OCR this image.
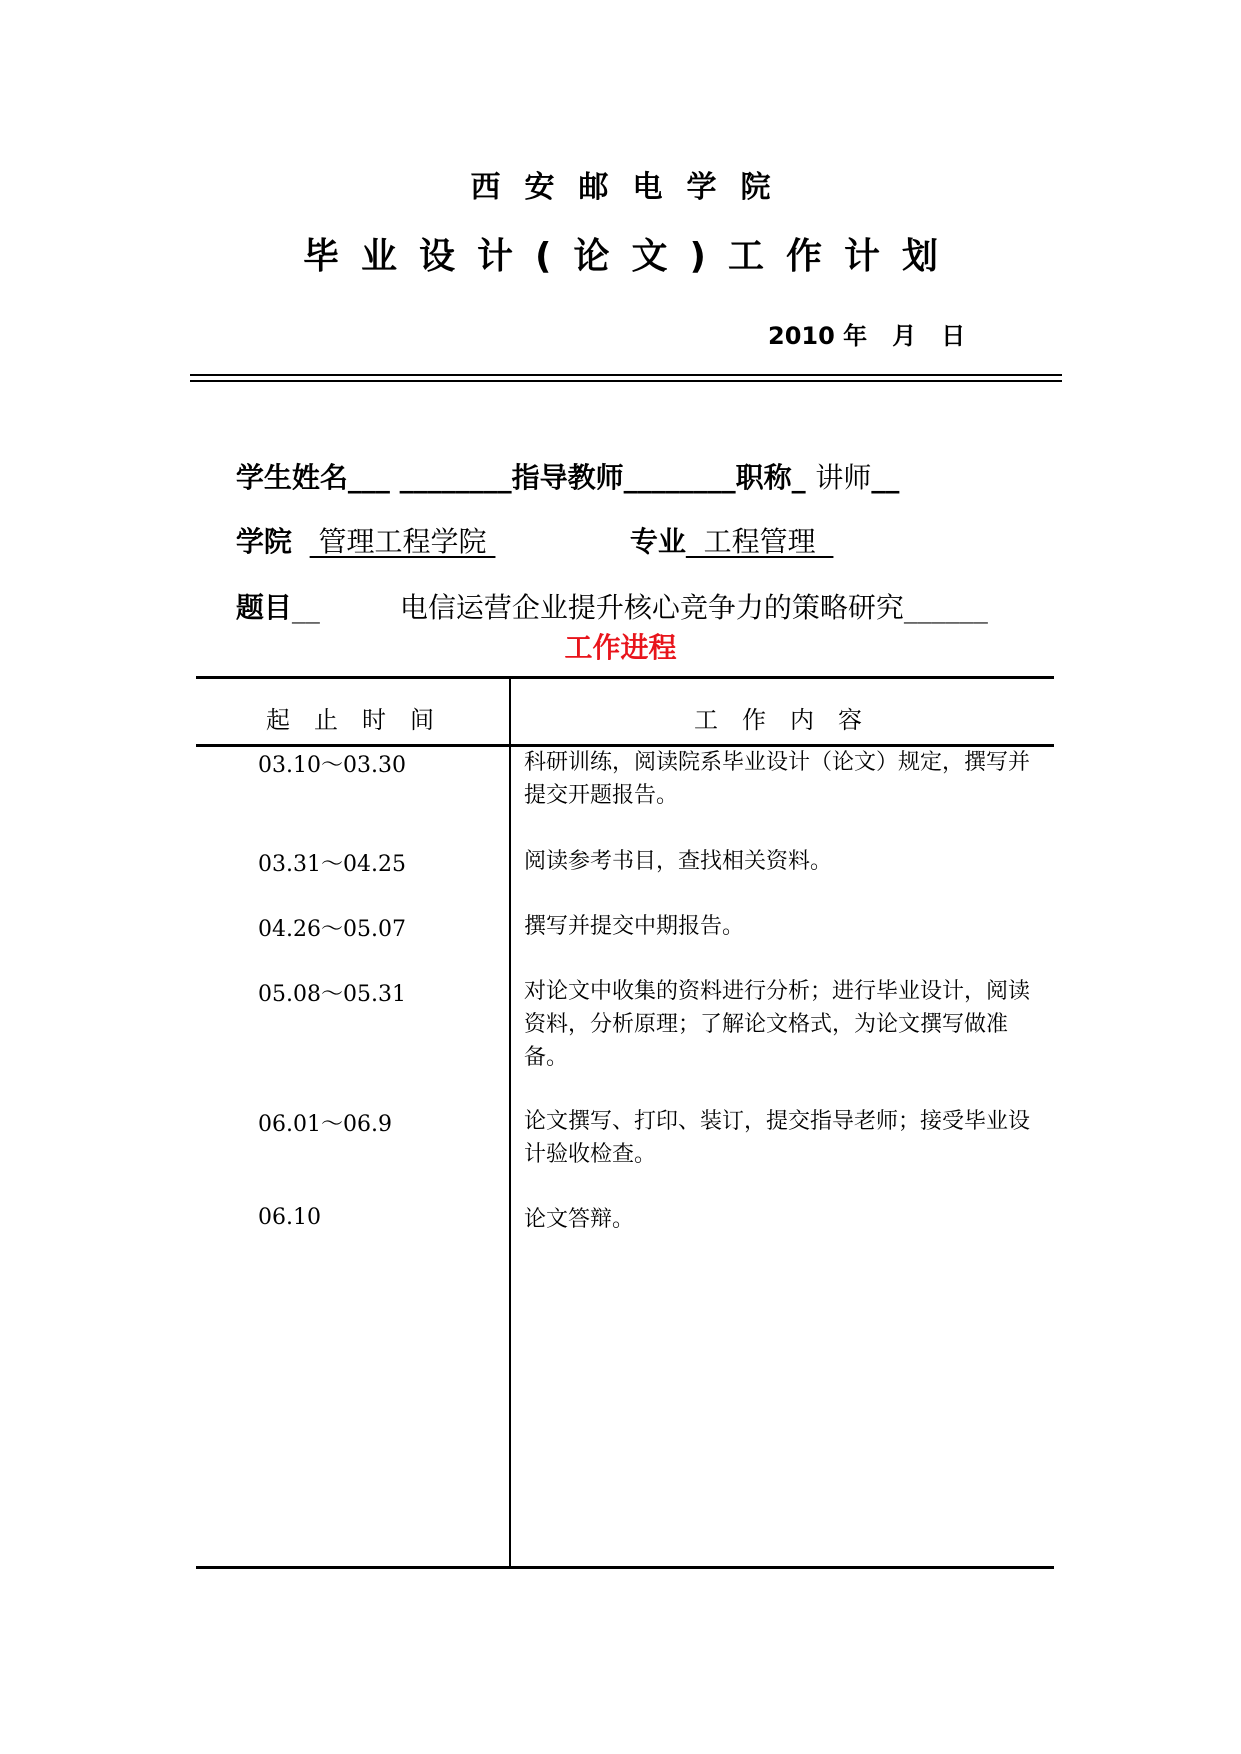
西安邮电学院
毕业设计(论文)工作计划
2010 年   月   日

学生姓名___ ________指导教师________职称_ 讲师__

学院   管理工程学院	专业  工程管理

题目__         电信运营企业提升核心竞争力的策略研究______

工作进程
起止时间	工作内容
03.10～03.30	科研训练，阅读院系毕业设计（论文）规定，撰写并提交开题报告。
03.31～04.25	阅读参考书目，查找相关资料。
04.26～05.07	撰写并提交中期报告。
05.08～05.31	对论文中收集的资料进行分析；进行毕业设计，阅读资料，分析原理；了解论文格式，为论文撰写做准备。
06.01～06.9	论文撰写、打印、装订，提交指导老师；接受毕业设计验收检查。
06.10	论文答辩。
